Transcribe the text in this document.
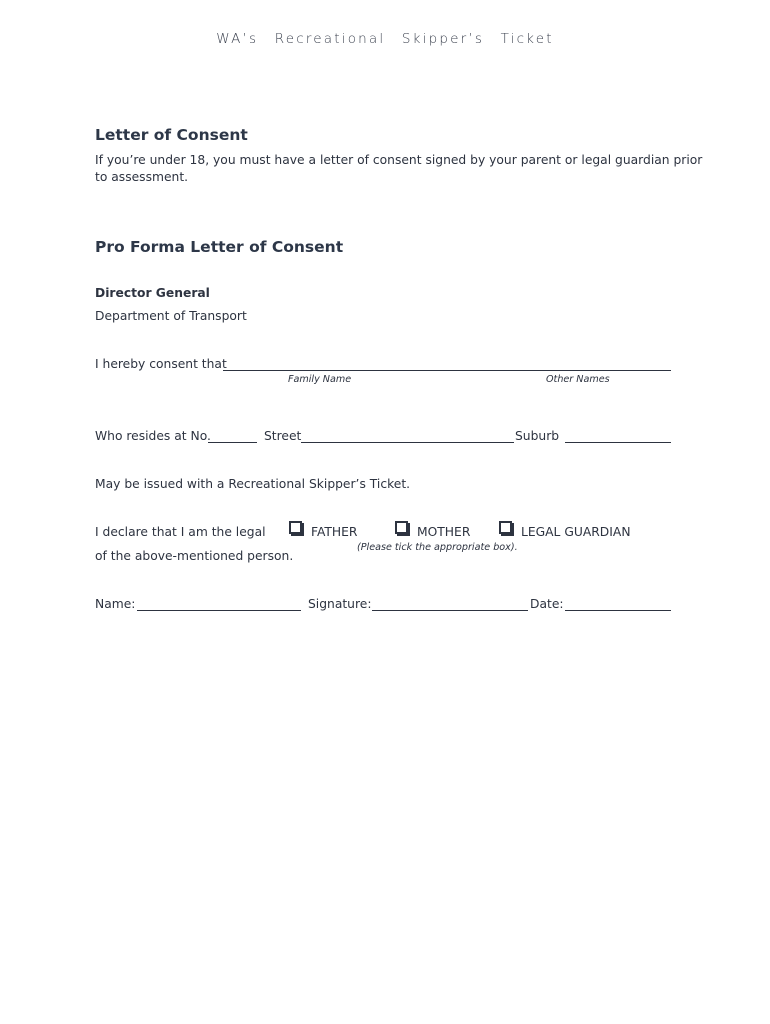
WA’s Recreational Skipper’s Ticket
Letter of Consent
If you’re under 18, you must have a letter of consent signed by your parent or legal guardian prior to assessment.
Pro Forma Letter of Consent
Director General
Department of Transport
I hereby consent that
Family Name	Other Names
Who resides at No.	Street	Suburb
May be issued with a Recreational Skipper’s Ticket.
I declare that I am the legal
of the above-mentioned person.
FATHER	MOTHER	LEGAL GUARDIAN
(Please tick the appropriate box).
Name:	Signature:	Date:
